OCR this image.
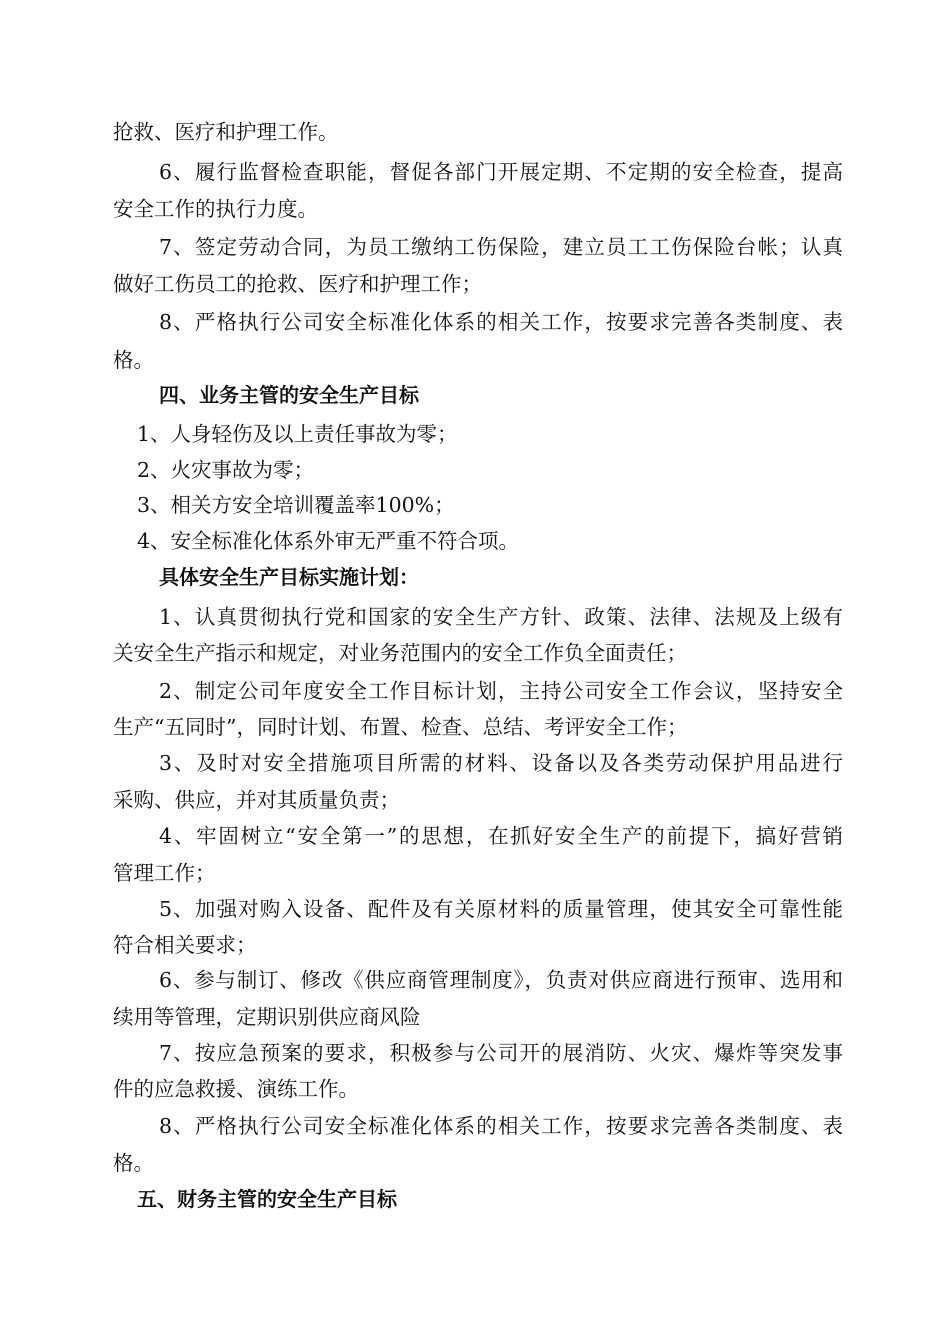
抢救、医疗和护理工作。
6、履行监督检查职能，督促各部门开展定期、不定期的安全检查，提高
安全工作的执行力度。
7、签定劳动合同，为员工缴纳工伤保险，建立员工工伤保险台帐；认真
做好工伤员工的抢救、医疗和护理工作；
8、严格执行公司安全标准化体系的相关工作，按要求完善各类制度、表
格。
四、业务主管的安全生产目标
1、人身轻伤及以上责任事故为零；
2、火灾事故为零；
3、相关方安全培训覆盖率100%；
4、安全标准化体系外审无严重不符合项。
具体安全生产目标实施计划：
1、认真贯彻执行党和国家的安全生产方针、政策、法律、法规及上级有
关安全生产指示和规定，对业务范围内的安全工作负全面责任；
2、制定公司年度安全工作目标计划，主持公司安全工作会议，坚持安全
生产“五同时”，同时计划、布置、检查、总结、考评安全工作；
3、及时对安全措施项目所需的材料、设备以及各类劳动保护用品进行
采购、供应，并对其质量负责；
4、牢固树立“安全第一”的思想，在抓好安全生产的前提下，搞好营销
管理工作；
5、加强对购入设备、配件及有关原材料的质量管理，使其安全可靠性能
符合相关要求；
6、参与制订、修改《供应商管理制度》，负责对供应商进行预审、选用和
续用等管理，定期识别供应商风险
7、按应急预案的要求，积极参与公司开的展消防、火灾、爆炸等突发事
件的应急救援、演练工作。
8、严格执行公司安全标准化体系的相关工作，按要求完善各类制度、表
格。
五、财务主管的安全生产目标
